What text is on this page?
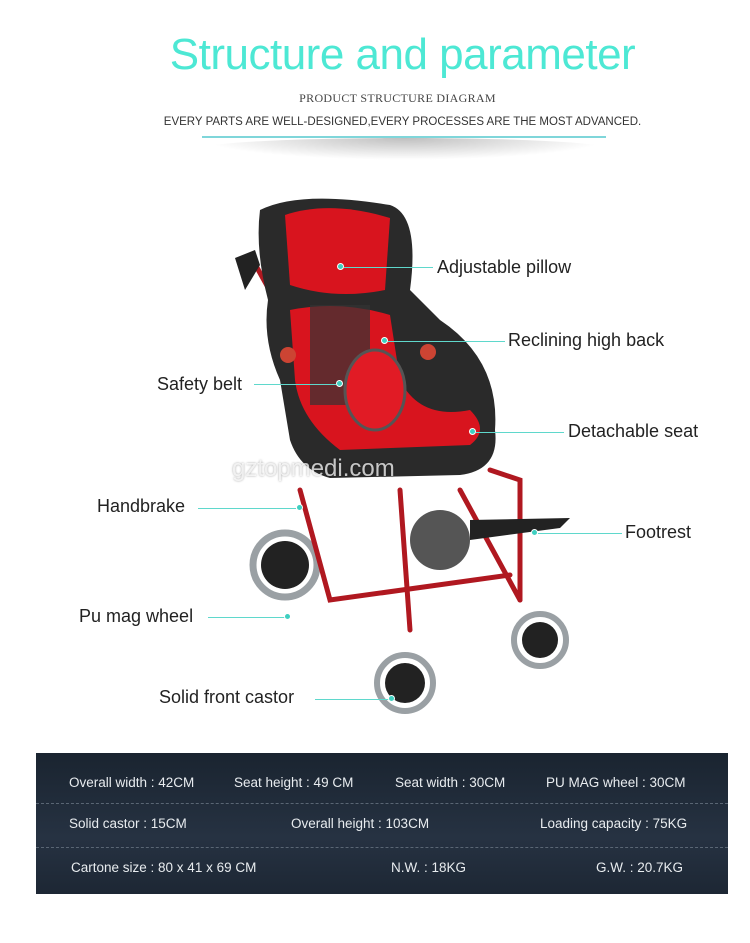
Structure and parameter
PRODUCT STRUCTURE DIAGRAM
EVERY PARTS ARE WELL-DESIGNED,EVERY PROCESSES ARE THE MOST ADVANCED.
gztopmedi.com
Adjustable pillow
Reclining high back
Safety belt
Detachable seat
Handbrake
Footrest
Pu mag wheel
Solid front castor
Overall width : 42CM	Seat height : 49 CM	Seat width : 30CM	PU MAG wheel : 30CM
Solid castor : 15CM	Overall height : 103CM	Loading capacity : 75KG
Cartone size : 80 x 41 x 69 CM	N.W. : 18KG	G.W. : 20.7KG
